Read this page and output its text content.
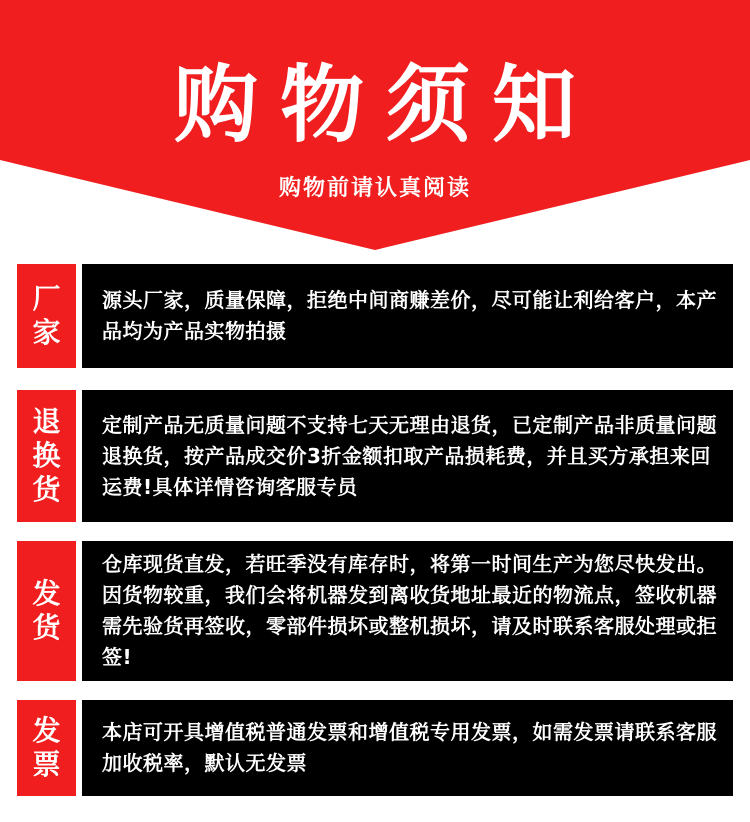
购物须知
购物前请认真阅读
厂家
源头厂家，质量保障，拒绝中间商赚差价，尽可能让利给客户，本产品均为产品实物拍摄
退换货
定制产品无质量问题不支持七天无理由退货，已定制产品非质量问题退换货，按产品成交价3折金额扣取产品损耗费，并且买方承担来回运费!具体详情咨询客服专员
发货
仓库现货直发，若旺季没有库存时，将第一时间生产为您尽快发出。因货物较重，我们会将机器发到离收货地址最近的物流点，签收机器需先验货再签收，零部件损坏或整机损坏，请及时联系客服处理或拒签!
发票
本店可开具增值税普通发票和增值税专用发票，如需发票请联系客服加收税率，默认无发票
